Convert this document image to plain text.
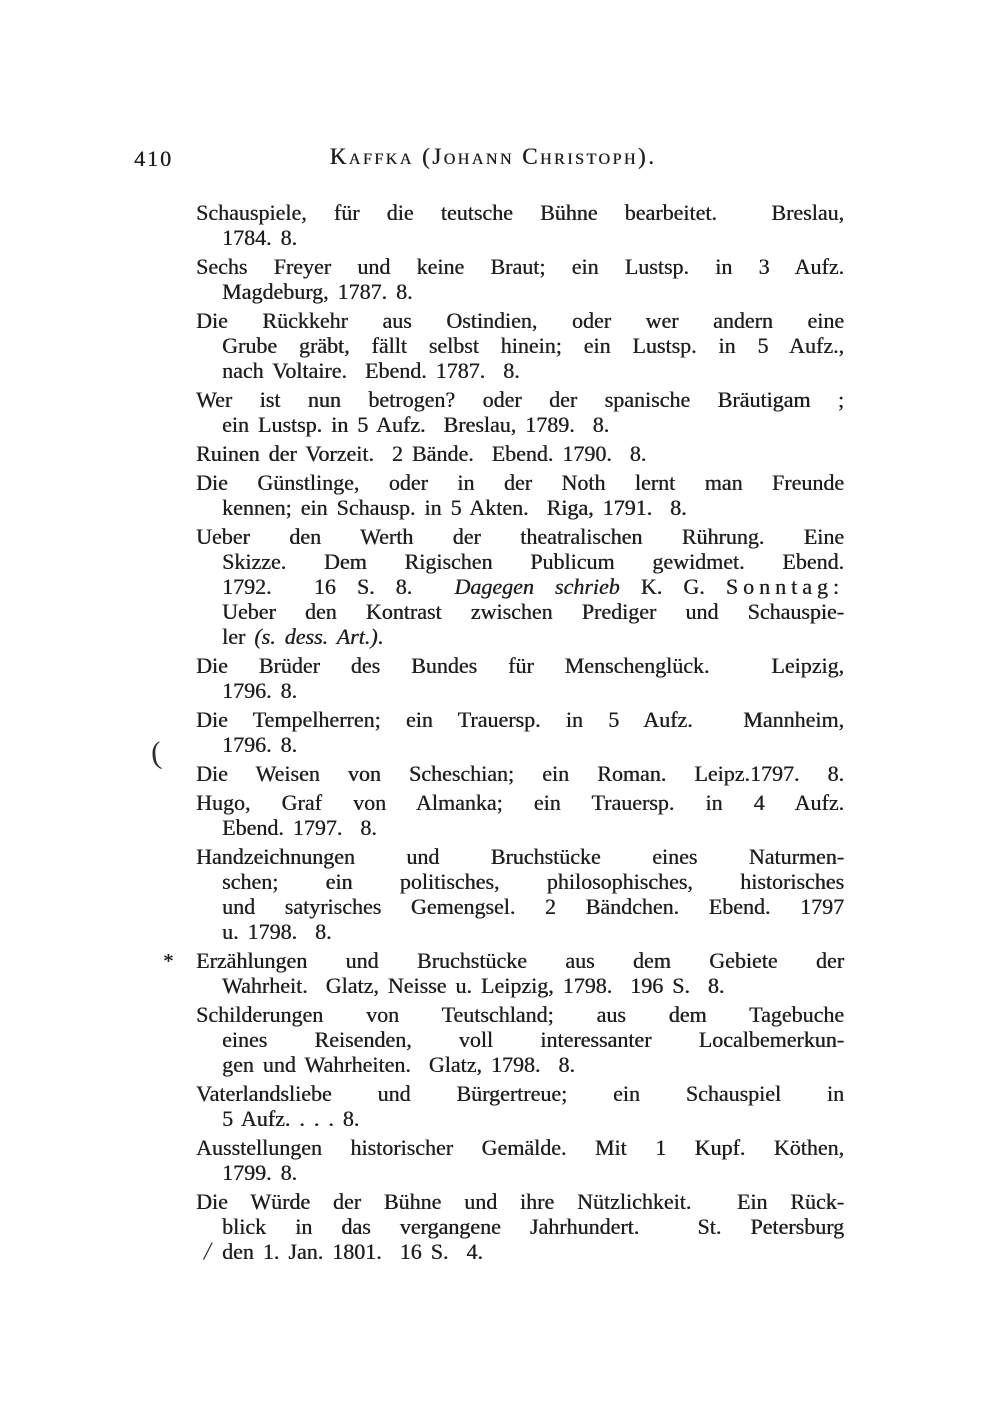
410	Kaffka (Johann Christoph).
Schauspiele, für die teutsche Bühne bearbeitet.  Breslau,
1784. 8.
Sechs Freyer und keine Braut; ein Lustsp. in 3 Aufz.
Magdeburg, 1787. 8.
Die Rückkehr aus Ostindien, oder wer andern eine
Grube gräbt, fällt selbst hinein; ein Lustsp. in 5 Aufz.,
nach Voltaire.  Ebend. 1787.  8.
Wer ist nun betrogen? oder der spanische Bräutigam ;
ein Lustsp. in 5 Aufz.  Breslau, 1789.  8.
Ruinen der Vorzeit.  2 Bände.  Ebend. 1790.  8.
Die Günstlinge, oder in der Noth lernt man Freunde
kennen; ein Schausp. in 5 Akten.  Riga, 1791.  8.
Ueber den Werth der theatralischen Rührung. Eine
Skizze. Dem Rigischen Publicum gewidmet. Ebend.
1792.  16 S. 8.  Dagegen schrieb K. G. Sonntag:
Ueber den Kontrast zwischen Prediger und Schauspie-
ler (s. dess. Art.).
Die Brüder des Bundes für Menschenglück.  Leipzig,
1796. 8.
Die Tempelherren; ein Trauersp. in 5 Aufz.  Mannheim,
1796. 8.
Die Weisen von Scheschian; ein Roman. Leipz.1797. 8.
Hugo, Graf von Almanka; ein Trauersp. in 4 Aufz.
Ebend. 1797.  8.
Handzeichnungen und Bruchstücke eines Naturmen-
schen; ein politisches, philosophisches, historisches
und satyrisches Gemengsel. 2 Bändchen. Ebend. 1797
u. 1798.  8.
* Erzählungen und Bruchstücke aus dem Gebiete der
Wahrheit.  Glatz, Neisse u. Leipzig, 1798.  196 S.  8.
Schilderungen von Teutschland; aus dem Tagebuche
eines Reisenden, voll interessanter Localbemerkun-
gen und Wahrheiten.  Glatz, 1798.  8.
Vaterlandsliebe und Bürgertreue; ein Schauspiel in
5 Aufz. . . . 8.
Ausstellungen historischer Gemälde. Mit 1 Kupf. Köthen,
1799. 8.
Die Würde der Bühne und ihre Nützlichkeit.  Ein Rück-
blick in das vergangene Jahrhundert.  St. Petersburg
den 1. Jan. 1801.  16 S.  4.
(
/
